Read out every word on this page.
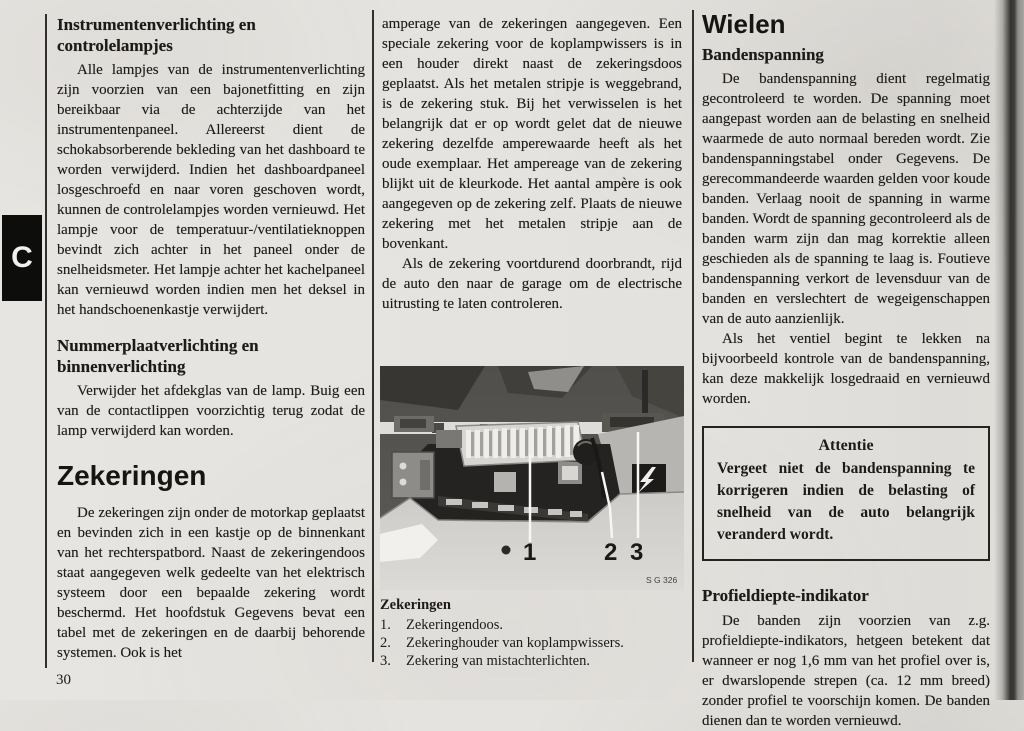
C
Instrumentenverlichting en controlelampjes

Alle lampjes van de instrumentenverlichting zijn voorzien van een bajonetfitting en zijn bereikbaar via de achterzijde van het instrumentenpaneel. Allereerst dient de schokabsorberende bekleding van het dashboard te worden verwijderd. Indien het dashboardpaneel losgeschroefd en naar voren geschoven wordt, kunnen de controlelampjes worden vernieuwd. Het lampje voor de temperatuur-/ventilatieknoppen bevindt zich achter in het paneel onder de snelheidsmeter. Het lampje achter het kachelpaneel kan vernieuwd worden indien men het deksel in het handschoenenkastje verwijdert.

Nummerplaatverlichting en binnenverlichting

Verwijder het afdekglas van de lamp. Buig een van de contactlippen voorzichtig terug zodat de lamp verwijderd kan worden.

Zekeringen

De zekeringen zijn onder de motorkap geplaatst en bevinden zich in een kastje op de binnenkant van het rechterspatbord. Naast de zekeringendoos staat aangegeven welk gedeelte van het elektrisch systeem door een bepaalde zekering wordt beschermd. Het hoofdstuk Gegevens bevat een tabel met de zekeringen en de daarbij behorende systemen. Ook is het

amperage van de zekeringen aangegeven. Een speciale zekering voor de koplampwissers is in een houder direkt naast de zekeringsdoos geplaatst. Als het metalen stripje is weggebrand, is de zekering stuk. Bij het verwisselen is het belangrijk dat er op wordt gelet dat de nieuwe zekering dezelfde amperewaarde heeft als het oude exemplaar. Het ampereage van de zekering blijkt uit de kleurkode. Het aantal ampère is ook aangegeven op de zekering zelf. Plaats de nieuwe zekering met het metalen stripje aan de bovenkant.

Als de zekering voortdurend doorbrandt, rijd de auto den naar de garage om de electrische uitrusting te laten controleren.

1	2 3
S G 326

Zekeringen

1.	Zekeringendoos.

2.	Zekeringhouder van koplampwissers.

3.	Zekering van mistachterlichten.

Wielen
Bandenspanning

De bandenspanning dient regelmatig gecontroleerd te worden. De spanning moet aangepast worden aan de belasting en snelheid waarmede de auto normaal bereden wordt. Zie bandenspanningstabel onder Gegevens. De gerecommandeerde waarden gelden voor koude banden. Verlaag nooit de spanning in warme banden. Wordt de spanning gecontroleerd als de banden warm zijn dan mag korrektie alleen geschieden als de spanning te laag is. Foutieve bandenspanning verkort de levensduur van de banden en verslechtert de wegeigenschappen van de auto aanzienlijk.

Als het ventiel begint te lekken na bijvoorbeeld kontrole van de bandenspanning, kan deze makkelijk losgedraaid en vernieuwd worden.

Attentie

Vergeet niet de bandenspanning te korrigeren indien de belasting of snelheid van de auto belangrijk veranderd wordt.

Profieldiepte-indikator

De banden zijn voorzien van z.g. profieldiepte-indikators, hetgeen betekent dat wanneer er nog 1,6 mm van het profiel over is, er dwarslopende strepen (ca. 12 mm breed) zonder profiel te voorschijn komen. De banden dienen dan te worden vernieuwd.

30
